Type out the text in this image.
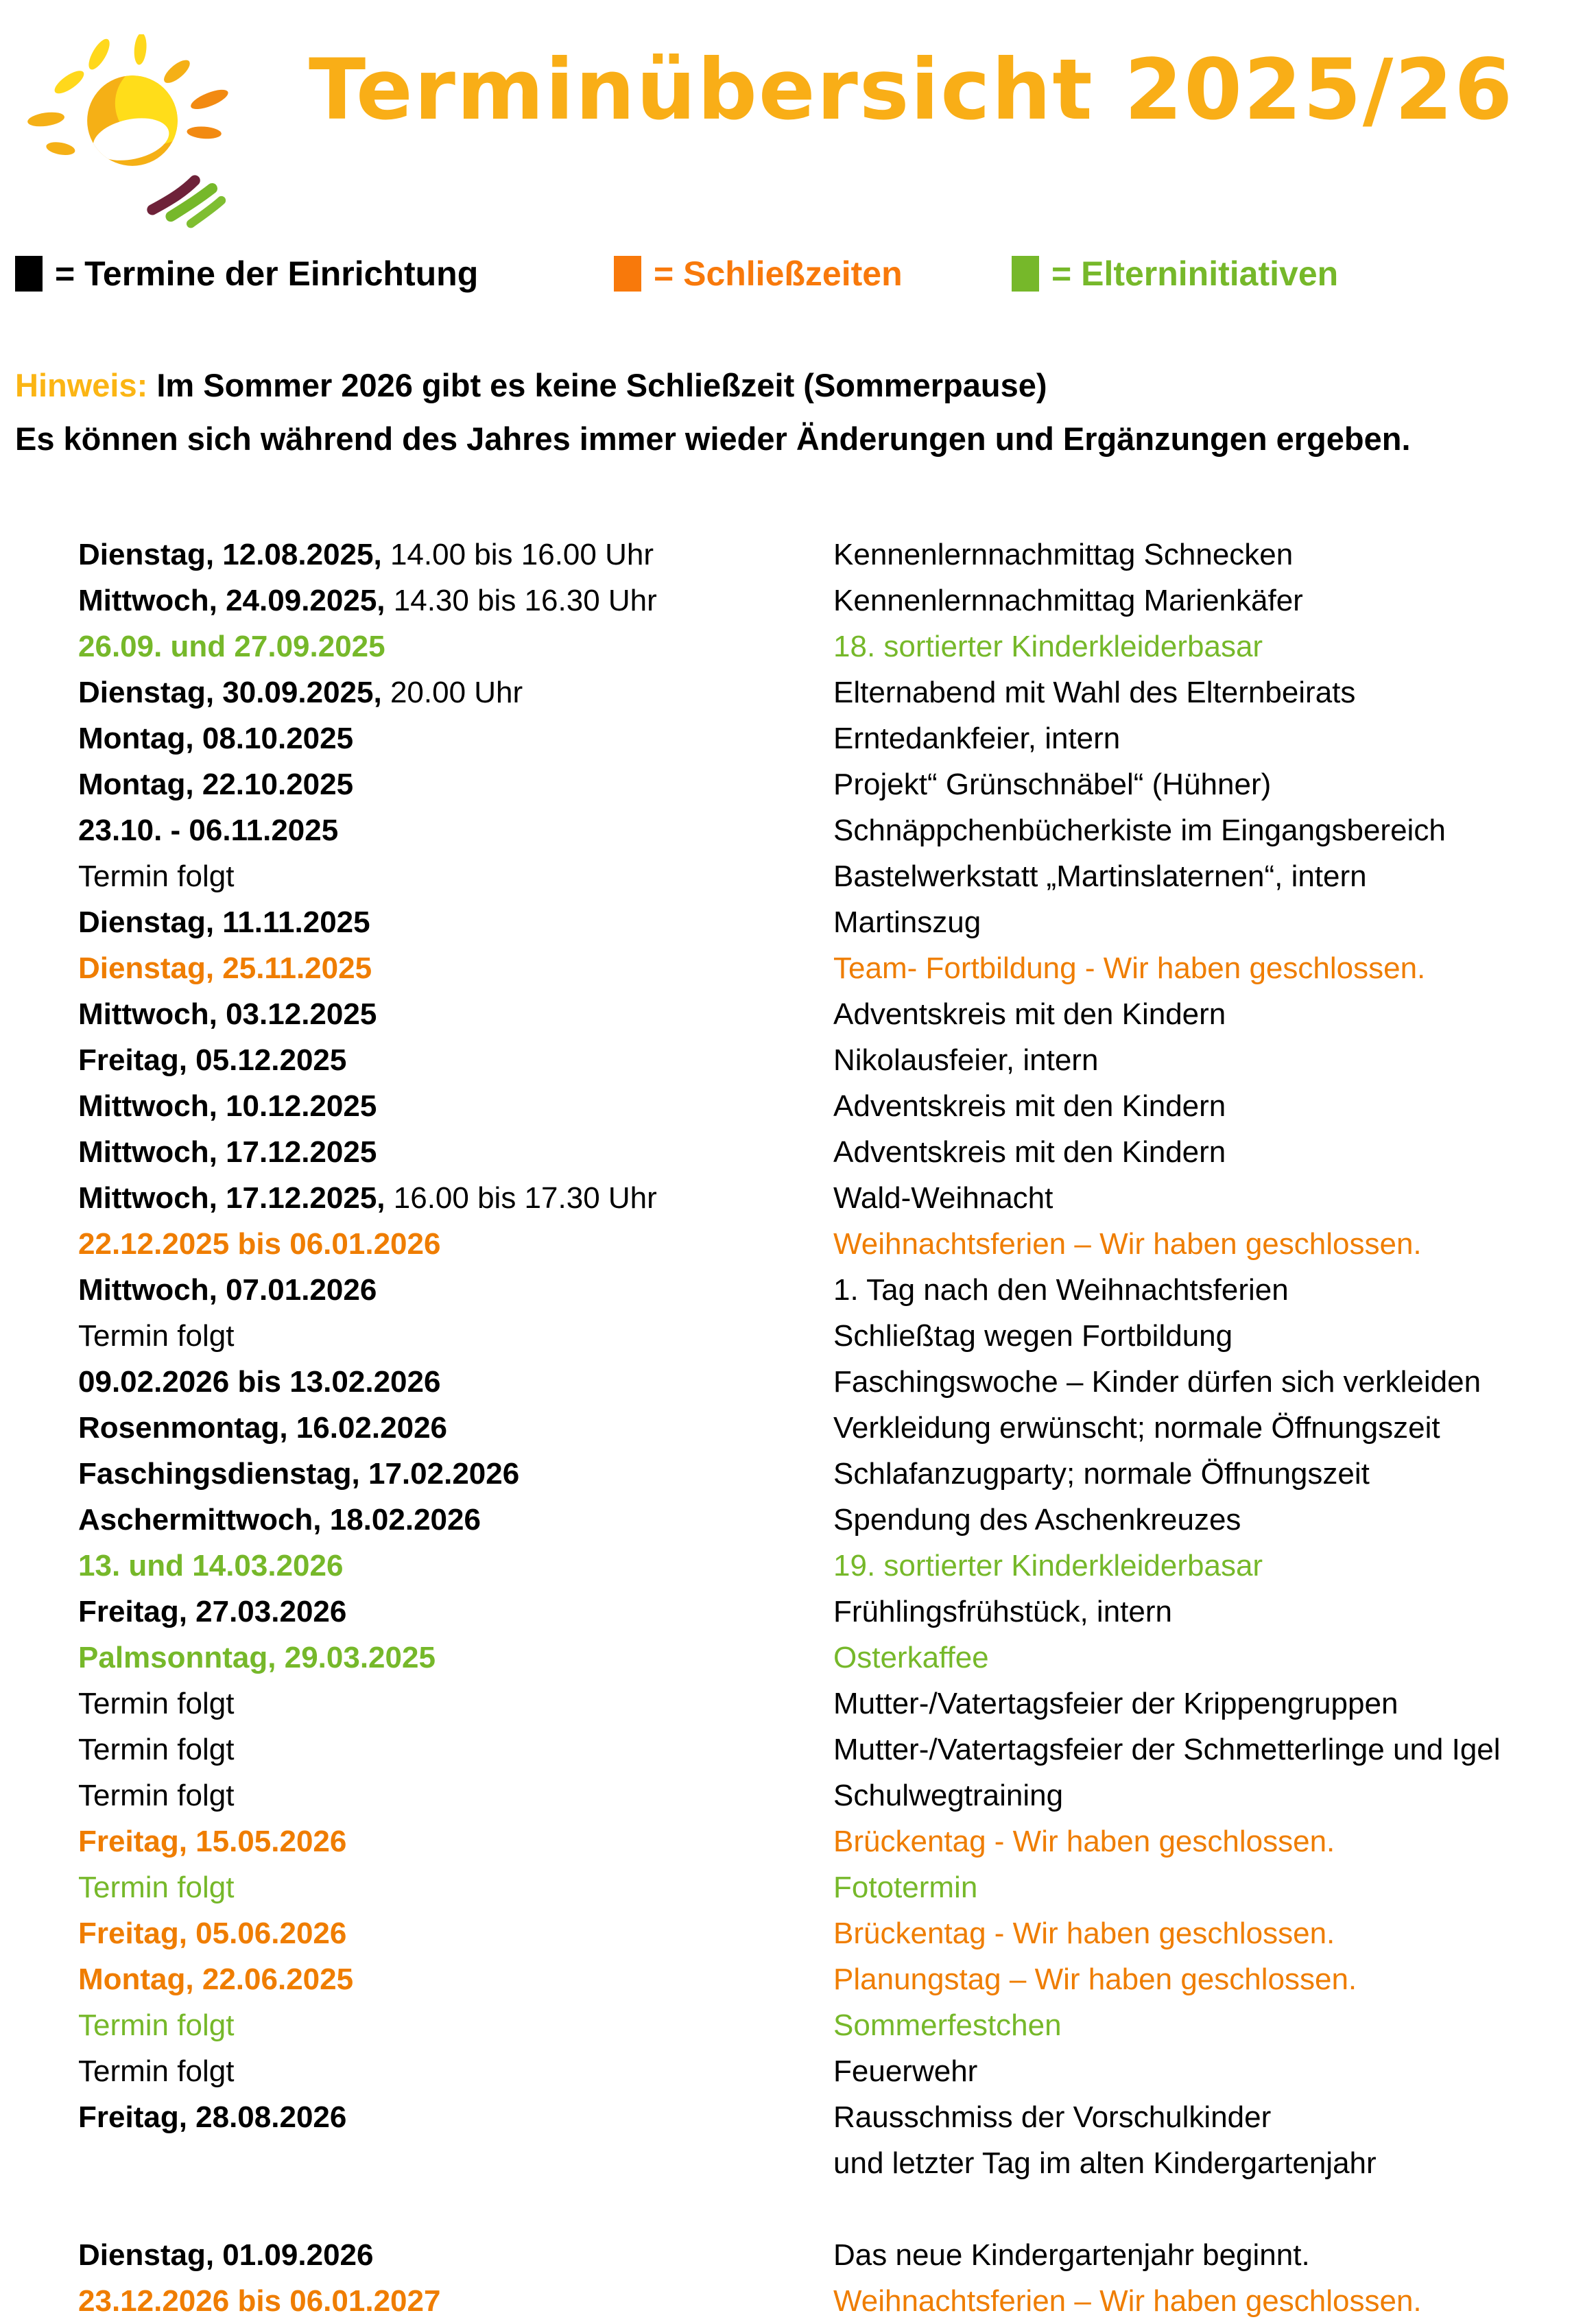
Terminübersicht 2025/26
= Termine der Einrichtung	= Schließzeiten	= Elterninitiativen
Hinweis: Im Sommer 2026 gibt es keine Schließzeit (Sommerpause)
Es können sich während des Jahres immer wieder Änderungen und Ergänzungen ergeben.
Dienstag, 12.08.2025, 14.00 bis 16.00 Uhr	Kennenlernnachmittag Schnecken
Mittwoch, 24.09.2025, 14.30 bis 16.30 Uhr	Kennenlernnachmittag Marienkäfer
26.09. und 27.09.2025	18. sortierter Kinderkleiderbasar
Dienstag, 30.09.2025, 20.00 Uhr	Elternabend mit Wahl des Elternbeirats
Montag, 08.10.2025	Erntedankfeier, intern
Montag, 22.10.2025	Projekt“ Grünschnäbel“ (Hühner)
23.10. - 06.11.2025	Schnäppchenbücherkiste im Eingangsbereich
Termin folgt	Bastelwerkstatt „Martinslaternen“, intern
Dienstag, 11.11.2025	Martinszug
Dienstag, 25.11.2025	Team- Fortbildung - Wir haben geschlossen.
Mittwoch, 03.12.2025	Adventskreis mit den Kindern
Freitag, 05.12.2025	Nikolausfeier, intern
Mittwoch, 10.12.2025	Adventskreis mit den Kindern
Mittwoch, 17.12.2025	Adventskreis mit den Kindern
Mittwoch, 17.12.2025, 16.00 bis 17.30 Uhr	Wald-Weihnacht
22.12.2025 bis 06.01.2026	Weihnachtsferien – Wir haben geschlossen.
Mittwoch, 07.01.2026	1. Tag nach den Weihnachtsferien
Termin folgt	Schließtag wegen Fortbildung
09.02.2026 bis 13.02.2026	Faschingswoche – Kinder dürfen sich verkleiden
Rosenmontag, 16.02.2026	Verkleidung erwünscht; normale Öffnungszeit
Faschingsdienstag, 17.02.2026	Schlafanzugparty; normale Öffnungszeit
Aschermittwoch, 18.02.2026	Spendung des Aschenkreuzes
13. und 14.03.2026	19. sortierter Kinderkleiderbasar
Freitag, 27.03.2026	Frühlingsfrühstück, intern
Palmsonntag, 29.03.2025	Osterkaffee
Termin folgt	Mutter-/Vatertagsfeier der Krippengruppen
Termin folgt	Mutter-/Vatertagsfeier der Schmetterlinge und Igel
Termin folgt	Schulwegtraining
Freitag, 15.05.2026	Brückentag - Wir haben geschlossen.
Termin folgt	Fototermin
Freitag, 05.06.2026	Brückentag - Wir haben geschlossen.
Montag, 22.06.2025	Planungstag – Wir haben geschlossen.
Termin folgt	Sommerfestchen
Termin folgt	Feuerwehr
Freitag, 28.08.2026	Rausschmiss der Vorschulkinder
und letzter Tag im alten Kindergartenjahr
Dienstag, 01.09.2026	Das neue Kindergartenjahr beginnt.
23.12.2026 bis 06.01.2027	Weihnachtsferien – Wir haben geschlossen.
